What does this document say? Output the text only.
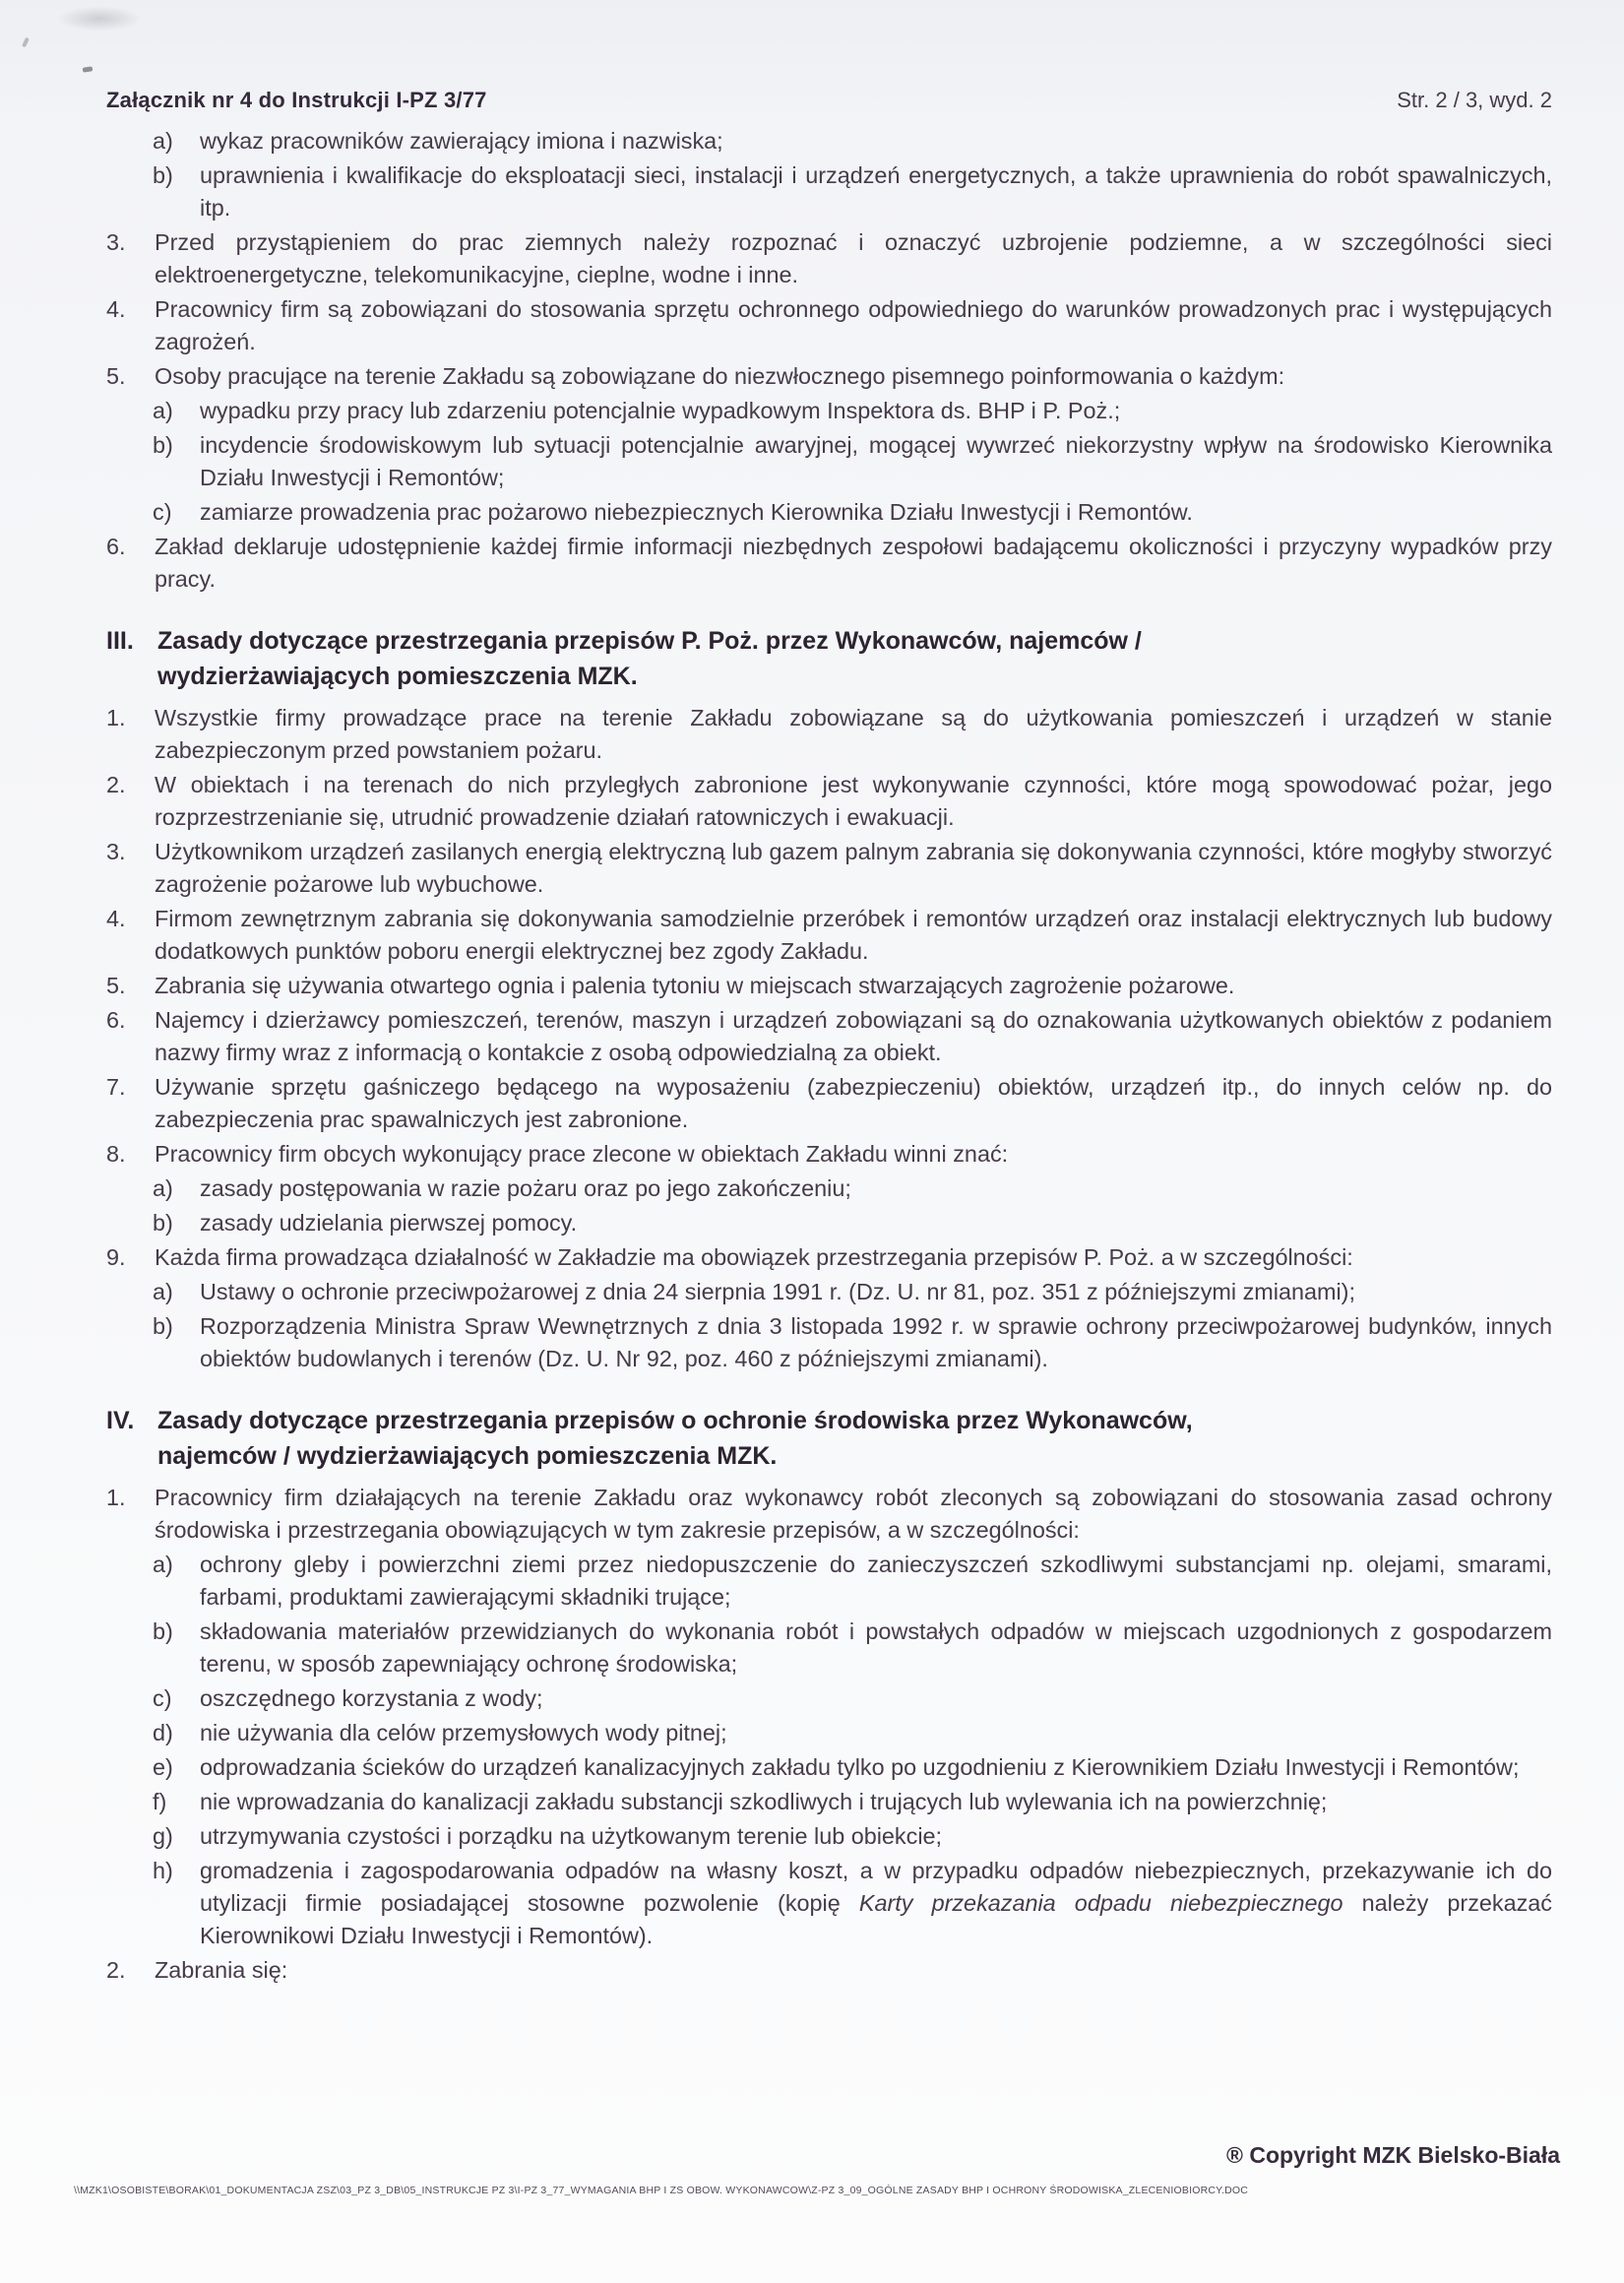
Załącznik nr 4 do Instrukcji I-PZ 3/77	Str. 2 / 3, wyd. 2
a)	wykaz pracowników zawierający imiona i nazwiska;
b)	uprawnienia i kwalifikacje do eksploatacji sieci, instalacji i urządzeń energetycznych, a także uprawnienia do robót spawalniczych, itp.
3.	Przed przystąpieniem do prac ziemnych należy rozpoznać i oznaczyć uzbrojenie podziemne, a w szczególności sieci elektroenergetyczne, telekomunikacyjne, cieplne, wodne i inne.
4.	Pracownicy firm są zobowiązani do stosowania sprzętu ochronnego odpowiedniego do warunków prowadzonych prac i występujących zagrożeń.
5.	Osoby pracujące na terenie Zakładu są zobowiązane do niezwłocznego pisemnego poinformowania o każdym:
a)	wypadku przy pracy lub zdarzeniu potencjalnie wypadkowym Inspektora ds. BHP i P. Poż.;
b)	incydencie środowiskowym lub sytuacji potencjalnie awaryjnej, mogącej wywrzeć niekorzystny wpływ na środowisko Kierownika Działu Inwestycji i Remontów;
c)	zamiarze prowadzenia prac pożarowo niebezpiecznych Kierownika Działu Inwestycji i Remontów.
6.	Zakład deklaruje udostępnienie każdej firmie informacji niezbędnych zespołowi badającemu okoliczności i przyczyny wypadków przy pracy.
III. Zasady dotyczące przestrzegania przepisów P. Poż. przez Wykonawców, najemców /
wydzierżawiających pomieszczenia MZK.
1.	Wszystkie firmy prowadzące prace na terenie Zakładu zobowiązane są do użytkowania pomieszczeń i urządzeń w stanie zabezpieczonym przed powstaniem pożaru.
2.	W obiektach i na terenach do nich przyległych zabronione jest wykonywanie czynności, które mogą spowodować pożar, jego rozprzestrzenianie się, utrudnić prowadzenie działań ratowniczych i ewakuacji.
3.	Użytkownikom urządzeń zasilanych energią elektryczną lub gazem palnym zabrania się dokonywania czynności, które mogłyby stworzyć zagrożenie pożarowe lub wybuchowe.
4.	Firmom zewnętrznym zabrania się dokonywania samodzielnie przeróbek i remontów urządzeń oraz instalacji elektrycznych lub budowy dodatkowych punktów poboru energii elektrycznej bez zgody Zakładu.
5.	Zabrania się używania otwartego ognia i palenia tytoniu w miejscach stwarzających zagrożenie pożarowe.
6.	Najemcy i dzierżawcy pomieszczeń, terenów, maszyn i urządzeń zobowiązani są do oznakowania użytkowanych obiektów z podaniem nazwy firmy wraz z informacją o kontakcie z osobą odpowiedzialną za obiekt.
7.	Używanie sprzętu gaśniczego będącego na wyposażeniu (zabezpieczeniu) obiektów, urządzeń itp., do innych celów np. do zabezpieczenia prac spawalniczych jest zabronione.
8.	Pracownicy firm obcych wykonujący prace zlecone w obiektach Zakładu winni znać:
a)	zasady postępowania w razie pożaru oraz po jego zakończeniu;
b)	zasady udzielania pierwszej pomocy.
9.	Każda firma prowadząca działalność w Zakładzie ma obowiązek przestrzegania przepisów P. Poż. a w szczególności:
a)	Ustawy o ochronie przeciwpożarowej z dnia 24 sierpnia 1991 r. (Dz. U. nr 81, poz. 351 z późniejszymi zmianami);
b)	Rozporządzenia Ministra Spraw Wewnętrznych z dnia 3 listopada 1992 r. w sprawie ochrony przeciwpożarowej budynków, innych obiektów budowlanych i terenów (Dz. U. Nr 92, poz. 460 z późniejszymi zmianami).
IV. Zasady dotyczące przestrzegania przepisów o ochronie środowiska przez Wykonawców,
najemców / wydzierżawiających pomieszczenia MZK.
1.	Pracownicy firm działających na terenie Zakładu oraz wykonawcy robót zleconych są zobowiązani do stosowania zasad ochrony środowiska i przestrzegania obowiązujących w tym zakresie przepisów, a w szczególności:
a)	ochrony gleby i powierzchni ziemi przez niedopuszczenie do zanieczyszczeń szkodliwymi substancjami np. olejami, smarami, farbami, produktami zawierającymi składniki trujące;
b)	składowania materiałów przewidzianych do wykonania robót i powstałych odpadów w miejscach uzgodnionych z gospodarzem terenu, w sposób zapewniający ochronę środowiska;
c)	oszczędnego korzystania z wody;
d)	nie używania dla celów przemysłowych wody pitnej;
e)	odprowadzania ścieków do urządzeń kanalizacyjnych zakładu tylko po uzgodnieniu z Kierownikiem Działu Inwestycji i Remontów;
f)	nie wprowadzania do kanalizacji zakładu substancji szkodliwych i trujących lub wylewania ich na powierzchnię;
g)	utrzymywania czystości i porządku na użytkowanym terenie lub obiekcie;
h)	gromadzenia i zagospodarowania odpadów na własny koszt, a w przypadku odpadów niebezpiecznych, przekazywanie ich do utylizacji firmie posiadającej stosowne pozwolenie (kopię Karty przekazania odpadu niebezpiecznego należy przekazać Kierownikowi Działu Inwestycji i Remontów).
2.	Zabrania się:
® Copyright MZK Bielsko-Biała
\\MZK1\OSOBISTE\BORAK\01_DOKUMENTACJA ZSZ\03_PZ 3_DB\05_INSTRUKCJE PZ 3\I-PZ 3_77_WYMAGANIA BHP I ZS OBOW. WYKONAWCOW\Z-PZ 3_09_OGÓLNE ZASADY BHP I OCHRONY ŚRODOWISKA_ZLECENIOBIORCY.DOC
